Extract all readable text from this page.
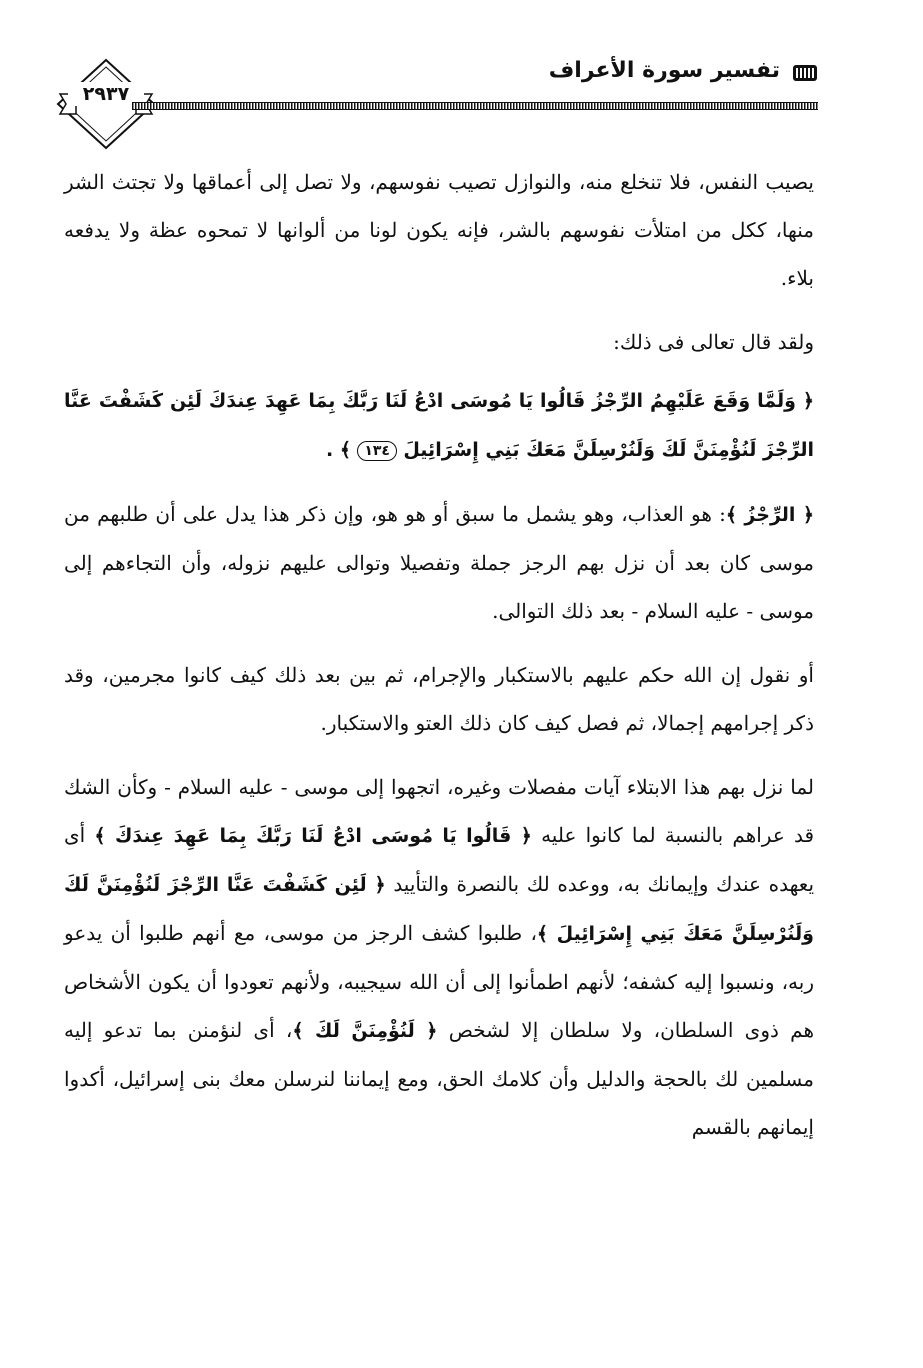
٢٩٣٧
تفسير سورة الأعراف

يصيب النفس، فلا تنخلع منه، والنوازل تصيب نفوسهم، ولا تصل إلى أعماقها ولا تجتث الشر منها، ككل من امتلأت نفوسهم بالشر، فإنه يكون لونا من ألوانها لا تمحوه عظة ولا يدفعه بلاء.

ولقد قال تعالى فى ذلك:

﴿ وَلَمَّا وَقَعَ عَلَيْهِمُ الرِّجْزُ قَالُوا يَا مُوسَى ادْعُ لَنَا رَبَّكَ بِمَا عَهِدَ عِندَكَ لَئِن كَشَفْتَ عَنَّا الرِّجْزَ لَنُؤْمِنَنَّ لَكَ وَلَنُرْسِلَنَّ مَعَكَ بَنِي إِسْرَائِيلَ ١٣٤ ﴾ .

﴿ الرِّجْزُ ﴾: هو العذاب، وهو يشمل ما سبق أو هو هو، وإن ذكر هذا يدل على أن طلبهم من موسى كان بعد أن نزل بهم الرجز جملة وتفصيلا وتوالى عليهم نزوله، وأن التجاءهم إلى موسى - عليه السلام - بعد ذلك التوالى.

أو نقول إن الله حكم عليهم بالاستكبار والإجرام، ثم بين بعد ذلك كيف كانوا مجرمين، وقد ذكر إجرامهم إجمالا، ثم فصل كيف كان ذلك العتو والاستكبار.

لما نزل بهم هذا الابتلاء آيات مفصلات وغيره، اتجهوا إلى موسى - عليه السلام - وكأن الشك قد عراهم بالنسبة لما كانوا عليه ﴿ قَالُوا يَا مُوسَى ادْعُ لَنَا رَبَّكَ بِمَا عَهِدَ عِندَكَ ﴾ أى يعهده عندك وإيمانك به، ووعده لك بالنصرة والتأييد ﴿ لَئِن كَشَفْتَ عَنَّا الرِّجْزَ لَنُؤْمِنَنَّ لَكَ وَلَنُرْسِلَنَّ مَعَكَ بَنِي إِسْرَائِيلَ ﴾، طلبوا كشف الرجز من موسى، مع أنهم طلبوا أن يدعو ربه، ونسبوا إليه كشفه؛ لأنهم اطمأنوا إلى أن الله سيجيبه، ولأنهم تعودوا أن يكون الأشخاص هم ذوى السلطان، ولا سلطان إلا لشخص ﴿ لَنُؤْمِنَنَّ لَكَ ﴾، أى لنؤمنن بما تدعو إليه مسلمين لك بالحجة والدليل وأن كلامك الحق، ومع إيماننا لنرسلن معك بنى إسرائيل، أكدوا إيمانهم بالقسم
